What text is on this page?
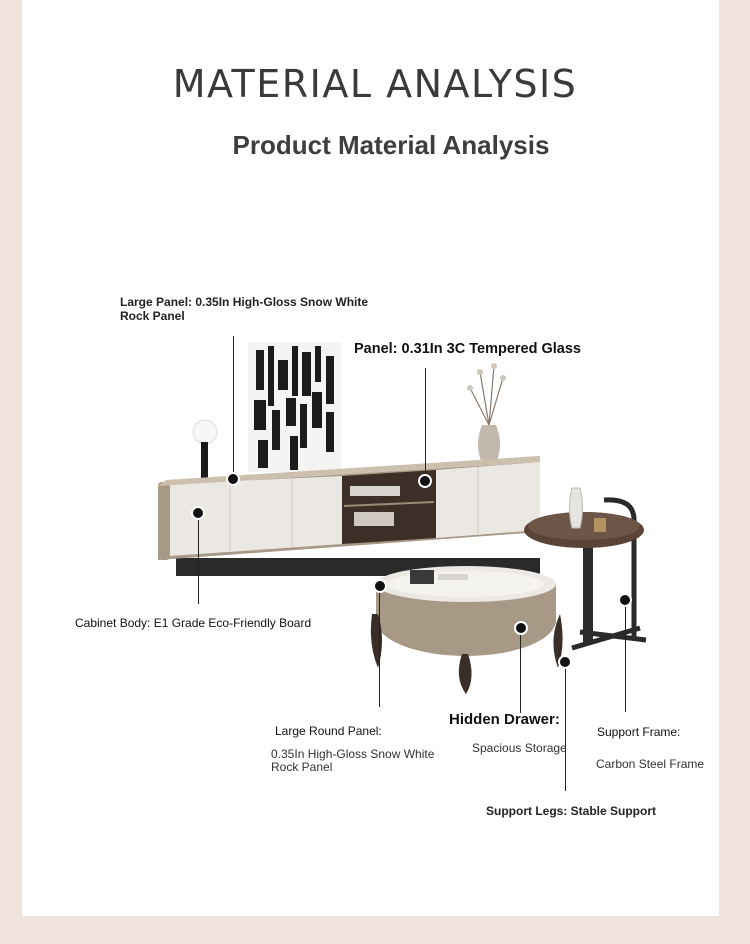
MATERIAL ANALYSIS
Product Material Analysis
Large Panel: 0.35In High-Gloss Snow White Rock Panel
Panel: 0.31In 3C Tempered Glass
Cabinet Body: E1 Grade Eco-Friendly Board
Large Round Panel:
0.35In High-Gloss Snow White Rock Panel
Hidden Drawer:
Spacious Storage
Support Frame:
Carbon Steel Frame
Support Legs: Stable Support
